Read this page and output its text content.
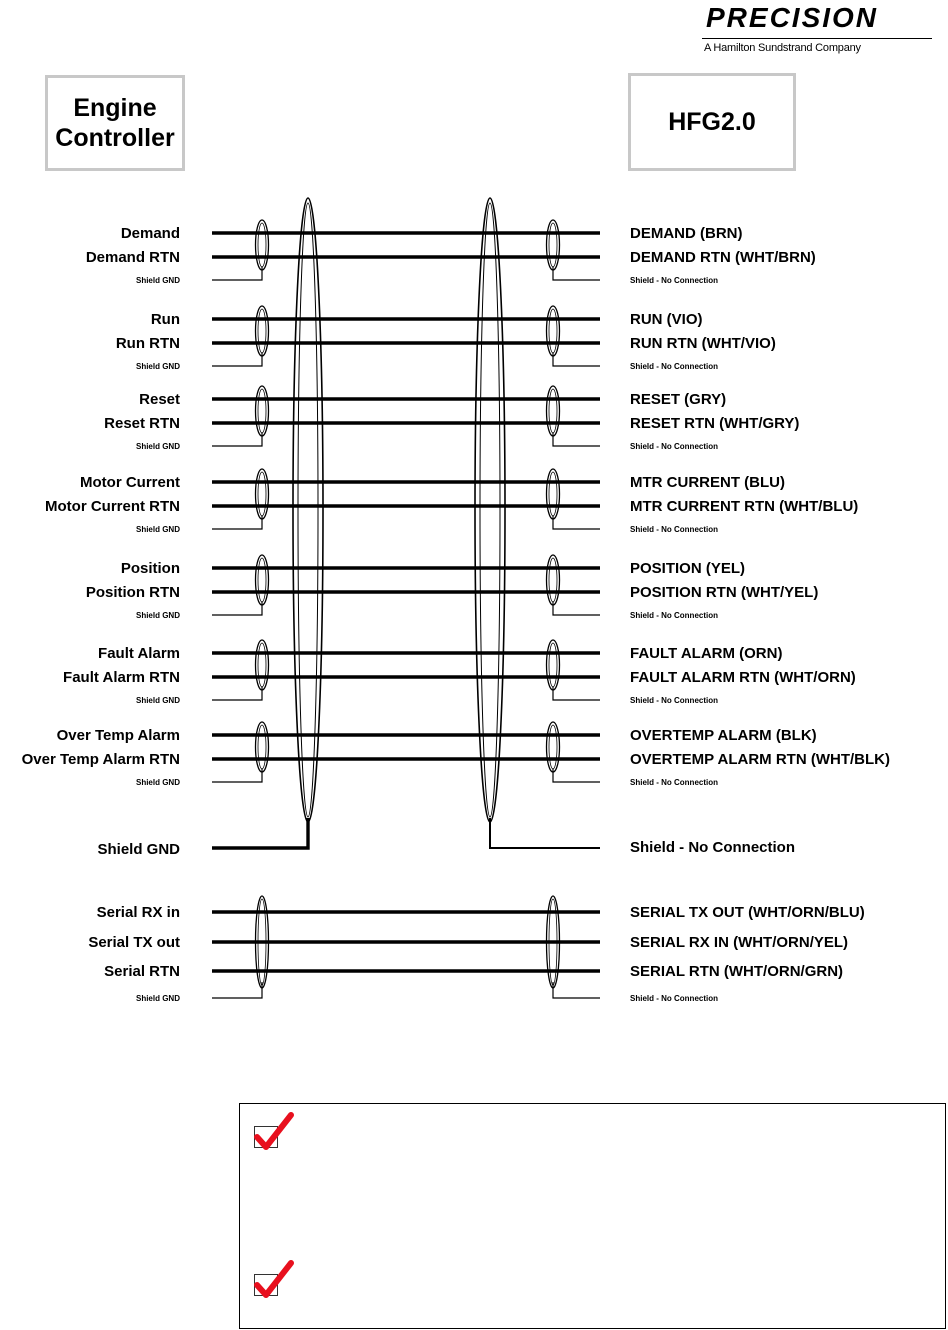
PRECISION
A Hamilton Sundstrand Company
Engine
Controller
HFG2.0
Demand	DEMAND (BRN)
Demand RTN	DEMAND RTN (WHT/BRN)
Shield GND	Shield - No Connection
Run	RUN (VIO)
Run RTN	RUN RTN (WHT/VIO)
Shield GND	Shield - No Connection
Reset	RESET (GRY)
Reset RTN	RESET RTN (WHT/GRY)
Shield GND	Shield - No Connection
Motor Current	MTR CURRENT (BLU)
Motor Current RTN	MTR CURRENT RTN (WHT/BLU)
Shield GND	Shield - No Connection
Position	POSITION (YEL)
Position RTN	POSITION RTN (WHT/YEL)
Shield GND	Shield - No Connection
Fault Alarm	FAULT ALARM (ORN)
Fault Alarm RTN	FAULT ALARM RTN (WHT/ORN)
Shield GND	Shield - No Connection
Over Temp Alarm	OVERTEMP ALARM (BLK)
Over Temp Alarm RTN	OVERTEMP ALARM RTN (WHT/BLK)
Shield GND	Shield - No Connection
Shield GND	Shield - No Connection
Serial RX in	SERIAL TX OUT (WHT/ORN/BLU)
Serial TX out	SERIAL RX IN (WHT/ORN/YEL)
Serial RTN	SERIAL RTN (WHT/ORN/GRN)
Shield GND	Shield - No Connection
